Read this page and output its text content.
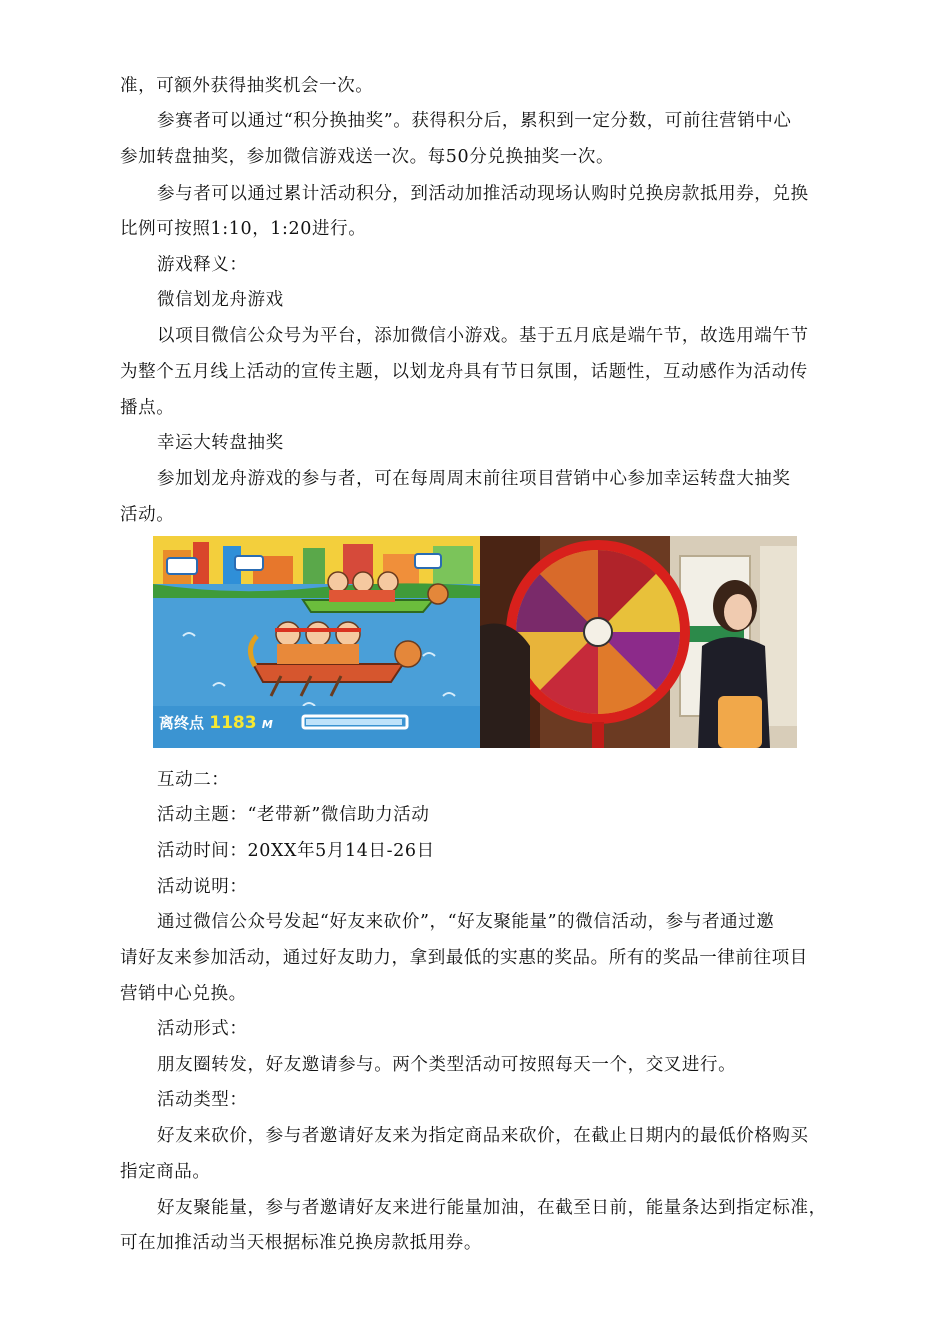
准，可额外获得抽奖机会一次。

参赛者可以通过“积分换抽奖”。获得积分后，累积到一定分数，可前往营销中心

参加转盘抽奖，参加微信游戏送一次。每50分兑换抽奖一次。

参与者可以通过累计活动积分，到活动加推活动现场认购时兑换房款抵用券，兑换

比例可按照1:10，1:20进行。

游戏释义：

微信划龙舟游戏

以项目微信公众号为平台，添加微信小游戏。基于五月底是端午节，故选用端午节

为整个五月线上活动的宣传主题，以划龙舟具有节日氛围，话题性，互动感作为活动传

播点。

幸运大转盘抽奖

参加划龙舟游戏的参与者，可在每周周末前往项目营销中心参加幸运转盘大抽奖

活动。

离终点 1183 M

互动二：

活动主题：“老带新”微信助力活动

活动时间：20XX年5月14日-26日

活动说明：

通过微信公众号发起“好友来砍价”，“好友聚能量”的微信活动，参与者通过邀

请好友来参加活动，通过好友助力，拿到最低的实惠的奖品。所有的奖品一律前往项目

营销中心兑换。

活动形式：

朋友圈转发，好友邀请参与。两个类型活动可按照每天一个，交叉进行。

活动类型：

好友来砍价，参与者邀请好友来为指定商品来砍价，在截止日期内的最低价格购买

指定商品。

好友聚能量，参与者邀请好友来进行能量加油，在截至日前，能量条达到指定标准，

可在加推活动当天根据标准兑换房款抵用券。
